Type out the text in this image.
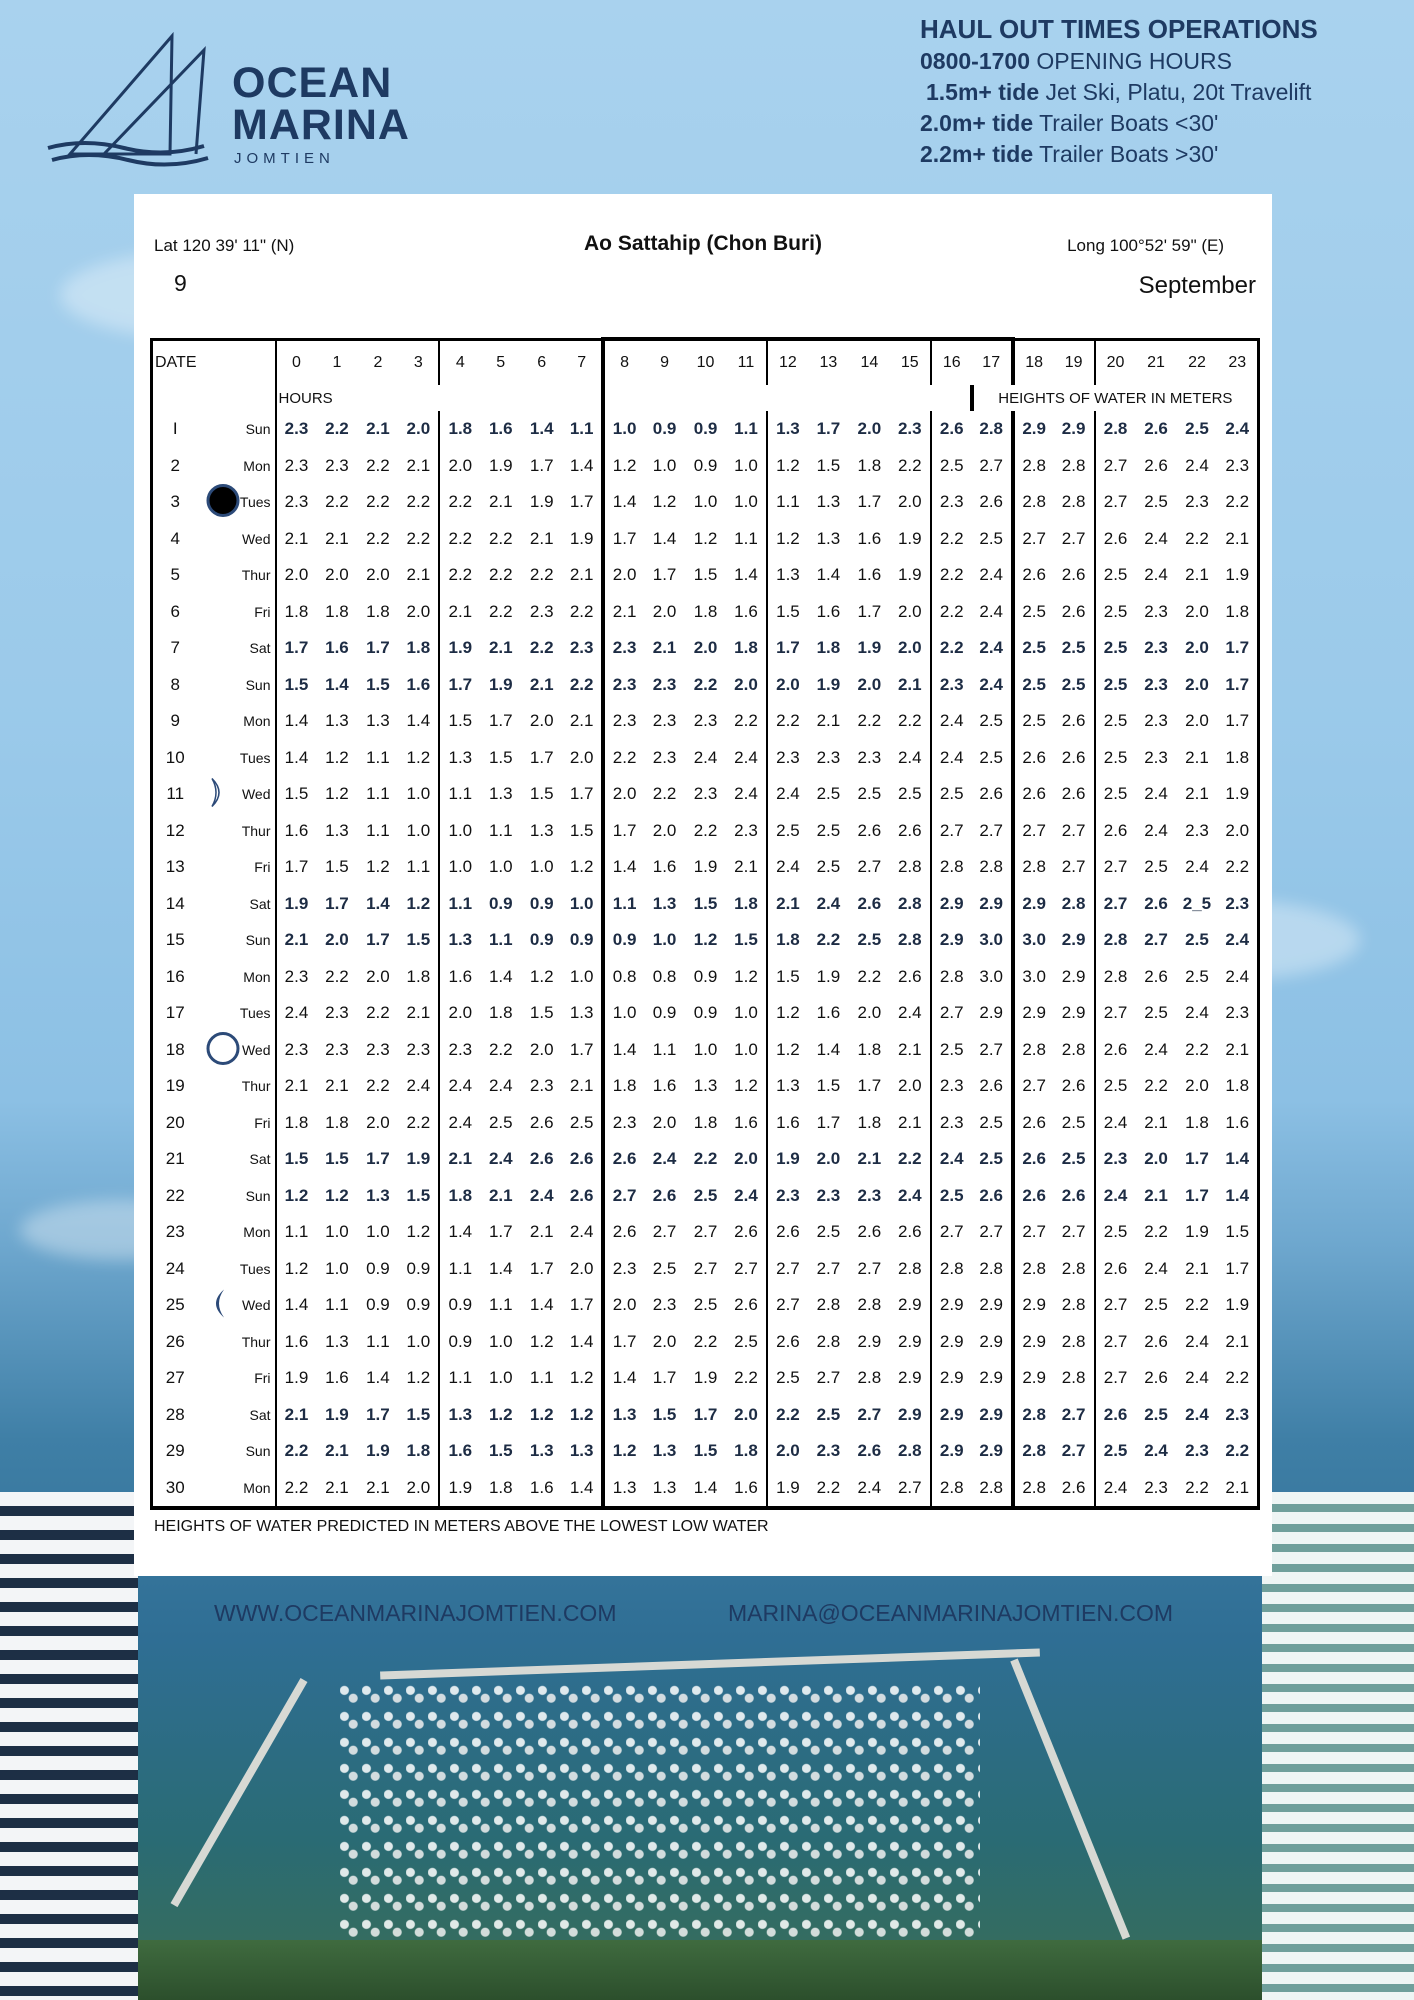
OCEAN
MARINA
JOMTIEN
HAUL OUT TIMES OPERATIONS
0800-1700 OPENING HOURS
1.5m+ tide Jet Ski, Platu, 20t Travelift
2.0m+ tide Trailer Boats <30'
2.2m+ tide Trailer Boats >30'
Lat 120 39' 11" (N)	Ao Sattahip (Chon Buri)	Long 100°52' 59" (E)
9	September
DATE		0	1	2	3	4	5	6	7	8	9	10	11	12	13	14	15	16	17	18	19	20	21	22	23
		HOURS																	HEIGHTS OF WATER IN METERS						
I	Sun	2.3	2.2	2.1	2.0	1.8	1.6	1.4	1.1	1.0	0.9	0.9	1.1	1.3	1.7	2.0	2.3	2.6	2.8	2.9	2.9	2.8	2.6	2.5	2.4
2	Mon	2.3	2.3	2.2	2.1	2.0	1.9	1.7	1.4	1.2	1.0	0.9	1.0	1.2	1.5	1.8	2.2	2.5	2.7	2.8	2.8	2.7	2.6	2.4	2.3
3	Tues	2.3	2.2	2.2	2.2	2.2	2.1	1.9	1.7	1.4	1.2	1.0	1.0	1.1	1.3	1.7	2.0	2.3	2.6	2.8	2.8	2.7	2.5	2.3	2.2
4	Wed	2.1	2.1	2.2	2.2	2.2	2.2	2.1	1.9	1.7	1.4	1.2	1.1	1.2	1.3	1.6	1.9	2.2	2.5	2.7	2.7	2.6	2.4	2.2	2.1
5	Thur	2.0	2.0	2.0	2.1	2.2	2.2	2.2	2.1	2.0	1.7	1.5	1.4	1.3	1.4	1.6	1.9	2.2	2.4	2.6	2.6	2.5	2.4	2.1	1.9
6	Fri	1.8	1.8	1.8	2.0	2.1	2.2	2.3	2.2	2.1	2.0	1.8	1.6	1.5	1.6	1.7	2.0	2.2	2.4	2.5	2.6	2.5	2.3	2.0	1.8
7	Sat	1.7	1.6	1.7	1.8	1.9	2.1	2.2	2.3	2.3	2.1	2.0	1.8	1.7	1.8	1.9	2.0	2.2	2.4	2.5	2.5	2.5	2.3	2.0	1.7
8	Sun	1.5	1.4	1.5	1.6	1.7	1.9	2.1	2.2	2.3	2.3	2.2	2.0	2.0	1.9	2.0	2.1	2.3	2.4	2.5	2.5	2.5	2.3	2.0	1.7
9	Mon	1.4	1.3	1.3	1.4	1.5	1.7	2.0	2.1	2.3	2.3	2.3	2.2	2.2	2.1	2.2	2.2	2.4	2.5	2.5	2.6	2.5	2.3	2.0	1.7
10	Tues	1.4	1.2	1.1	1.2	1.3	1.5	1.7	2.0	2.2	2.3	2.4	2.4	2.3	2.3	2.3	2.4	2.4	2.5	2.6	2.6	2.5	2.3	2.1	1.8
11	Wed	1.5	1.2	1.1	1.0	1.1	1.3	1.5	1.7	2.0	2.2	2.3	2.4	2.4	2.5	2.5	2.5	2.5	2.6	2.6	2.6	2.5	2.4	2.1	1.9
12	Thur	1.6	1.3	1.1	1.0	1.0	1.1	1.3	1.5	1.7	2.0	2.2	2.3	2.5	2.5	2.6	2.6	2.7	2.7	2.7	2.7	2.6	2.4	2.3	2.0
13	Fri	1.7	1.5	1.2	1.1	1.0	1.0	1.0	1.2	1.4	1.6	1.9	2.1	2.4	2.5	2.7	2.8	2.8	2.8	2.8	2.7	2.7	2.5	2.4	2.2
14	Sat	1.9	1.7	1.4	1.2	1.1	0.9	0.9	1.0	1.1	1.3	1.5	1.8	2.1	2.4	2.6	2.8	2.9	2.9	2.9	2.8	2.7	2.6	2_5	2.3
15	Sun	2.1	2.0	1.7	1.5	1.3	1.1	0.9	0.9	0.9	1.0	1.2	1.5	1.8	2.2	2.5	2.8	2.9	3.0	3.0	2.9	2.8	2.7	2.5	2.4
16	Mon	2.3	2.2	2.0	1.8	1.6	1.4	1.2	1.0	0.8	0.8	0.9	1.2	1.5	1.9	2.2	2.6	2.8	3.0	3.0	2.9	2.8	2.6	2.5	2.4
17	Tues	2.4	2.3	2.2	2.1	2.0	1.8	1.5	1.3	1.0	0.9	0.9	1.0	1.2	1.6	2.0	2.4	2.7	2.9	2.9	2.9	2.7	2.5	2.4	2.3
18	Wed	2.3	2.3	2.3	2.3	2.3	2.2	2.0	1.7	1.4	1.1	1.0	1.0	1.2	1.4	1.8	2.1	2.5	2.7	2.8	2.8	2.6	2.4	2.2	2.1
19	Thur	2.1	2.1	2.2	2.4	2.4	2.4	2.3	2.1	1.8	1.6	1.3	1.2	1.3	1.5	1.7	2.0	2.3	2.6	2.7	2.6	2.5	2.2	2.0	1.8
20	Fri	1.8	1.8	2.0	2.2	2.4	2.5	2.6	2.5	2.3	2.0	1.8	1.6	1.6	1.7	1.8	2.1	2.3	2.5	2.6	2.5	2.4	2.1	1.8	1.6
21	Sat	1.5	1.5	1.7	1.9	2.1	2.4	2.6	2.6	2.6	2.4	2.2	2.0	1.9	2.0	2.1	2.2	2.4	2.5	2.6	2.5	2.3	2.0	1.7	1.4
22	Sun	1.2	1.2	1.3	1.5	1.8	2.1	2.4	2.6	2.7	2.6	2.5	2.4	2.3	2.3	2.3	2.4	2.5	2.6	2.6	2.6	2.4	2.1	1.7	1.4
23	Mon	1.1	1.0	1.0	1.2	1.4	1.7	2.1	2.4	2.6	2.7	2.7	2.6	2.6	2.5	2.6	2.6	2.7	2.7	2.7	2.7	2.5	2.2	1.9	1.5
24	Tues	1.2	1.0	0.9	0.9	1.1	1.4	1.7	2.0	2.3	2.5	2.7	2.7	2.7	2.7	2.7	2.8	2.8	2.8	2.8	2.8	2.6	2.4	2.1	1.7
25	Wed	1.4	1.1	0.9	0.9	0.9	1.1	1.4	1.7	2.0	2.3	2.5	2.6	2.7	2.8	2.8	2.9	2.9	2.9	2.9	2.8	2.7	2.5	2.2	1.9
26	Thur	1.6	1.3	1.1	1.0	0.9	1.0	1.2	1.4	1.7	2.0	2.2	2.5	2.6	2.8	2.9	2.9	2.9	2.9	2.9	2.8	2.7	2.6	2.4	2.1
27	Fri	1.9	1.6	1.4	1.2	1.1	1.0	1.1	1.2	1.4	1.7	1.9	2.2	2.5	2.7	2.8	2.9	2.9	2.9	2.9	2.8	2.7	2.6	2.4	2.2
28	Sat	2.1	1.9	1.7	1.5	1.3	1.2	1.2	1.2	1.3	1.5	1.7	2.0	2.2	2.5	2.7	2.9	2.9	2.9	2.8	2.7	2.6	2.5	2.4	2.3
29	Sun	2.2	2.1	1.9	1.8	1.6	1.5	1.3	1.3	1.2	1.3	1.5	1.8	2.0	2.3	2.6	2.8	2.9	2.9	2.8	2.7	2.5	2.4	2.3	2.2
30	Mon	2.2	2.1	2.1	2.0	1.9	1.8	1.6	1.4	1.3	1.3	1.4	1.6	1.9	2.2	2.4	2.7	2.8	2.8	2.8	2.6	2.4	2.3	2.2	2.1
HEIGHTS OF WATER PREDICTED IN METERS ABOVE THE LOWEST LOW WATER
WWW.OCEANMARINAJOMTIEN.COM	MARINA@OCEANMARINAJOMTIEN.COM
